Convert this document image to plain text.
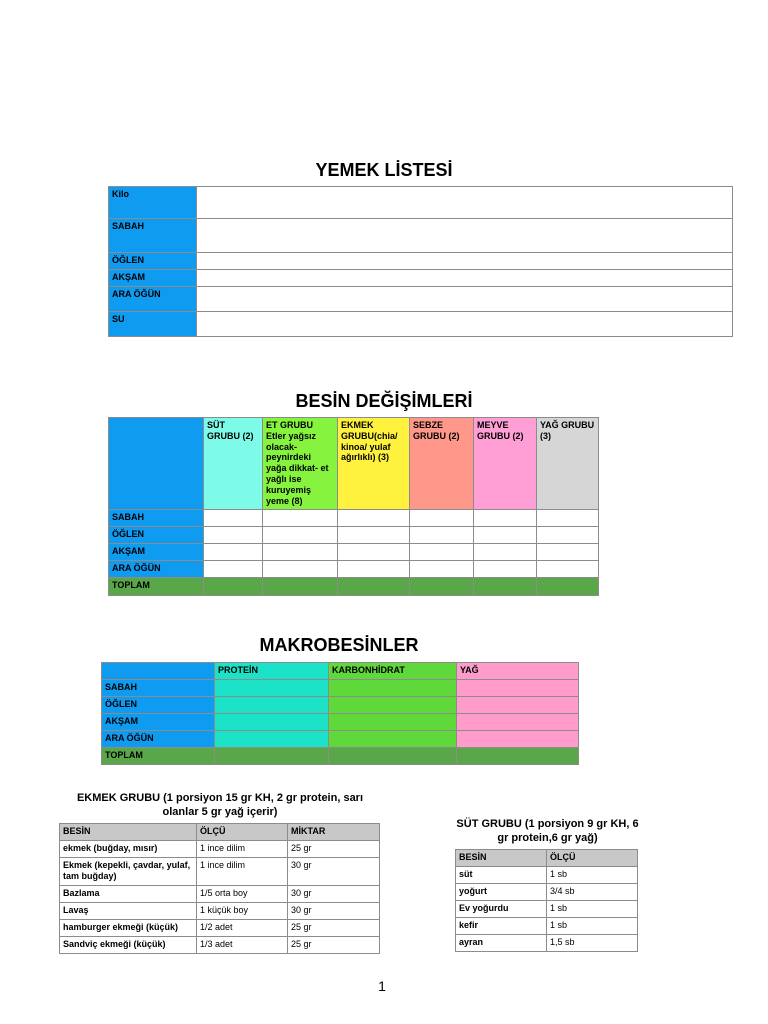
YEMEK LİSTESİ
Kilo	
SABAH	
ÖĞLEN	
AKŞAM	
ARA ÖĞÜN	
SU	
BESİN DEĞİŞİMLERİ
	SÜT GRUBU (2)	ET GRUBU Etler yağsız olacak-peynirdeki yağa dikkat- et yağlı ise kuruyemiş yeme (8)	EKMEK GRUBU(chia/ kinoa/ yulaf ağırlıklı) (3)	SEBZE GRUBU (2)	MEYVE GRUBU (2)	YAĞ GRUBU (3)
SABAH						
ÖĞLEN						
AKŞAM						
ARA ÖĞÜN						
TOPLAM						
MAKROBESİNLER
	PROTEİN	KARBONHİDRAT	YAĞ
SABAH			
ÖĞLEN			
AKŞAM			
ARA ÖĞÜN			
TOPLAM			
EKMEK GRUBU (1 porsiyon 15 gr KH, 2 gr protein, sarı olanlar 5 gr yağ içerir)
BESİN	ÖLÇÜ	MİKTAR
ekmek (buğday, mısır)	1 ince dilim	25 gr
Ekmek (kepekli, çavdar, yulaf, tam buğday)	1 ince dilim	30 gr
Bazlama	1/5 orta boy	30 gr
Lavaş	1 küçük boy	30 gr
hamburger ekmeği (küçük)	1/2 adet	25 gr
Sandviç ekmeği (küçük)	1/3 adet	25 gr
SÜT GRUBU (1 porsiyon 9 gr KH, 6 gr protein,6 gr yağ)
BESİN	ÖLÇÜ
süt	1 sb
yoğurt	3/4 sb
Ev yoğurdu	1 sb
kefir	1 sb
ayran	1,5 sb
1
